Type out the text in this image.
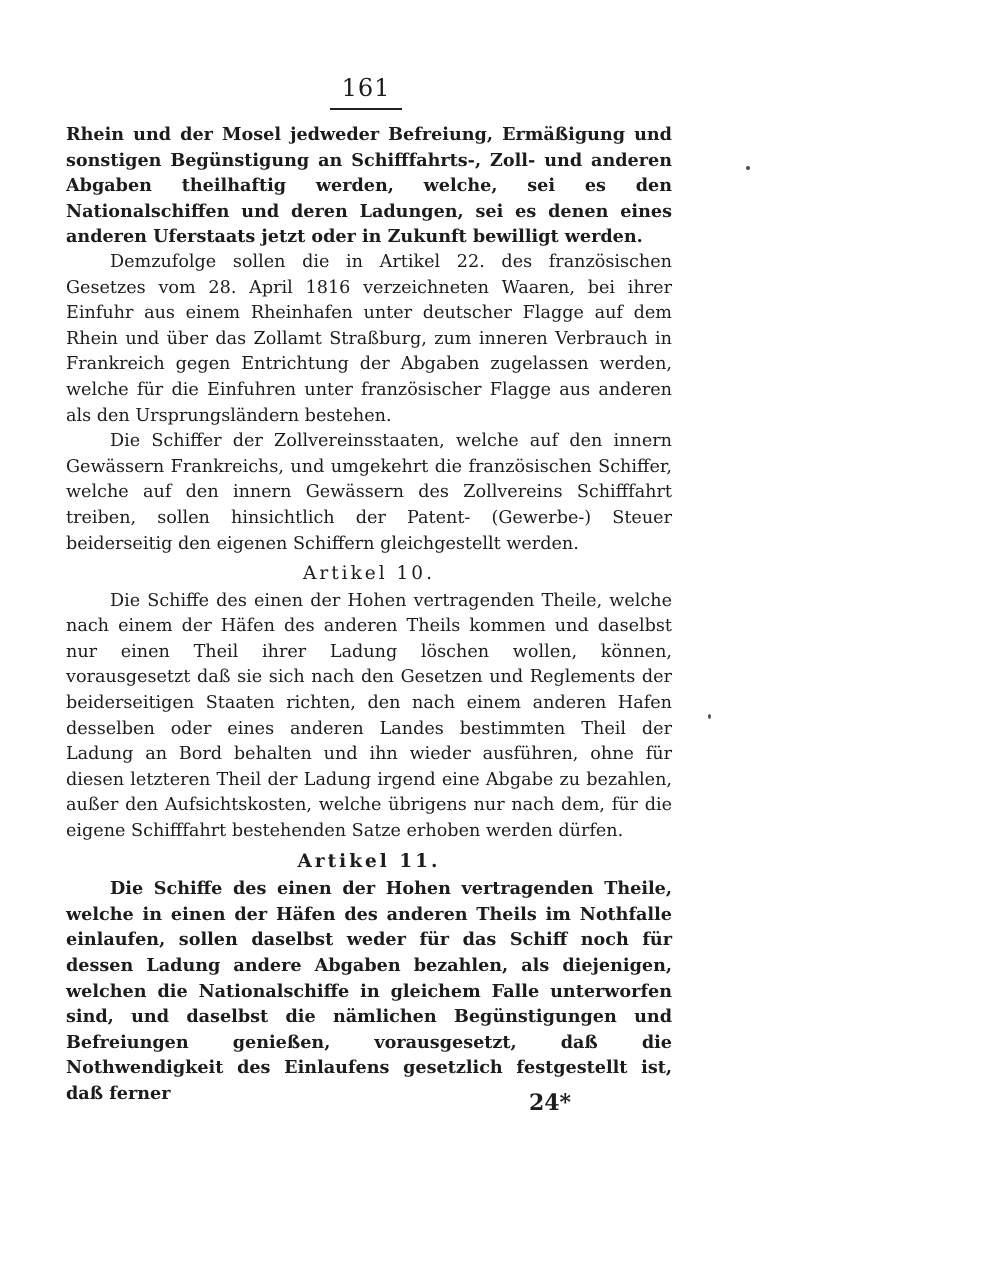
161

Rhein und der Mosel jedweder Befreiung, Ermäßigung und sonstigen Begünstigung an Schifffahrts-, Zoll- und anderen Abgaben theilhaftig werden, welche, sei es den Nationalschiffen und deren Ladungen, sei es denen eines anderen Uferstaats jetzt oder in Zukunft bewilligt werden.

Demzufolge sollen die in Artikel 22. des französischen Gesetzes vom 28. April 1816 verzeichneten Waaren, bei ihrer Einfuhr aus einem Rheinhafen unter deutscher Flagge auf dem Rhein und über das Zollamt Straßburg, zum inneren Verbrauch in Frankreich gegen Entrichtung der Abgaben zugelassen werden, welche für die Einfuhren unter französischer Flagge aus anderen als den Ursprungsländern bestehen.

Die Schiffer der Zollvereinsstaaten, welche auf den innern Gewässern Frankreichs, und umgekehrt die französischen Schiffer, welche auf den innern Gewässern des Zollvereins Schifffahrt treiben, sollen hinsichtlich der Patent- (Gewerbe-) Steuer beiderseitig den eigenen Schiffern gleichgestellt werden.

Artikel 10.

Die Schiffe des einen der Hohen vertragenden Theile, welche nach einem der Häfen des anderen Theils kommen und daselbst nur einen Theil ihrer Ladung löschen wollen, können, vorausgesetzt daß sie sich nach den Gesetzen und Reglements der beiderseitigen Staaten richten, den nach einem anderen Hafen desselben oder eines anderen Landes bestimmten Theil der Ladung an Bord behalten und ihn wieder ausführen, ohne für diesen letzteren Theil der Ladung irgend eine Abgabe zu bezahlen, außer den Aufsichtskosten, welche übrigens nur nach dem, für die eigene Schifffahrt bestehenden Satze erhoben werden dürfen.

Artikel 11.

Die Schiffe des einen der Hohen vertragenden Theile, welche in einen der Häfen des anderen Theils im Nothfalle einlaufen, sollen daselbst weder für das Schiff noch für dessen Ladung andere Abgaben bezahlen, als diejenigen, welchen die Nationalschiffe in gleichem Falle unterworfen sind, und daselbst die nämlichen Begünstigungen und Befreiungen genießen, vorausgesetzt, daß die Nothwendigkeit des Einlaufens gesetzlich festgestellt ist, daß ferner	24*
